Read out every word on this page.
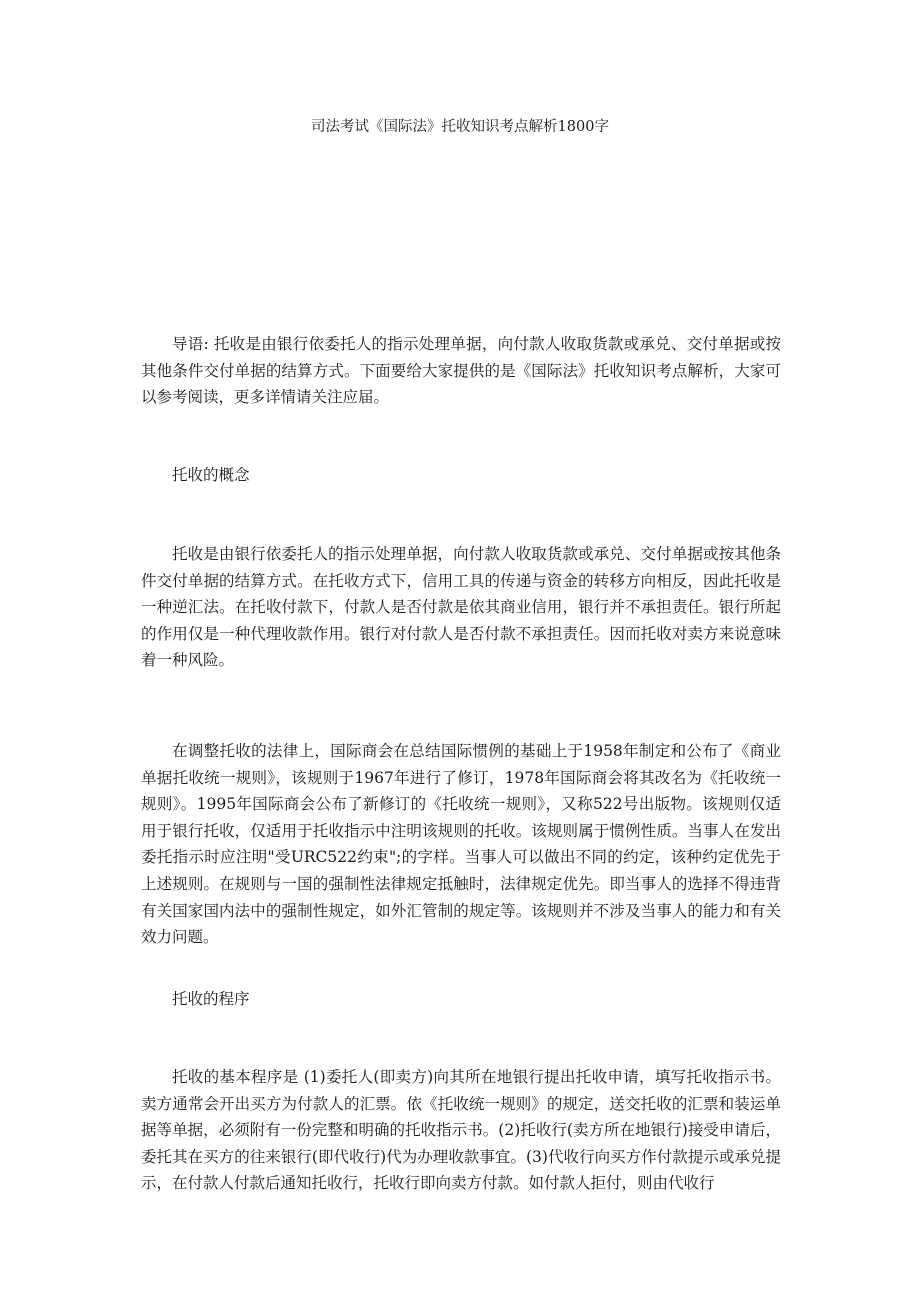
司法考试《国际法》托收知识考点解析1800字

导语: 托收是由银行依委托人的指示处理单据，向付款人收取货款或承兑、交付单据或按其他条件交付单据的结算方式。下面要给大家提供的是《国际法》托收知识考点解析，大家可以参考阅读，更多详情请关注应届。

托收的概念

托收是由银行依委托人的指示处理单据，向付款人收取货款或承兑、交付单据或按其他条件交付单据的结算方式。在托收方式下，信用工具的传递与资金的转移方向相反，因此托收是一种逆汇法。在托收付款下，付款人是否付款是依其商业信用，银行并不承担责任。银行所起的作用仅是一种代理收款作用。银行对付款人是否付款不承担责任。因而托收对卖方来说意味着一种风险。

在调整托收的法律上，国际商会在总结国际惯例的基础上于1958年制定和公布了《商业单据托收统一规则》，该规则于1967年进行了修订，1978年国际商会将其改名为《托收统一规则》。1995年国际商会公布了新修订的《托收统一规则》，又称522号出版物。该规则仅适用于银行托收，仅适用于托收指示中注明该规则的托收。该规则属于惯例性质。当事人在发出委托指示时应注明"受URC522约束";的字样。当事人可以做出不同的约定，该种约定优先于上述规则。在规则与一国的强制性法律规定抵触时，法律规定优先。即当事人的选择不得违背有关国家国内法中的强制性规定，如外汇管制的规定等。该规则并不涉及当事人的能力和有关效力问题。

托收的程序

托收的基本程序是 (1)委托人(即卖方)向其所在地银行提出托收申请，填写托收指示书。卖方通常会开出买方为付款人的汇票。依《托收统一规则》的规定，送交托收的汇票和装运单据等单据，必须附有一份完整和明确的托收指示书。(2)托收行(卖方所在地银行)接受申请后，委托其在买方的往来银行(即代收行)代为办理收款事宜。(3)代收行向买方作付款提示或承兑提示，在付款人付款后通知托收行，托收行即向卖方付款。如付款人拒付，则由代收行
